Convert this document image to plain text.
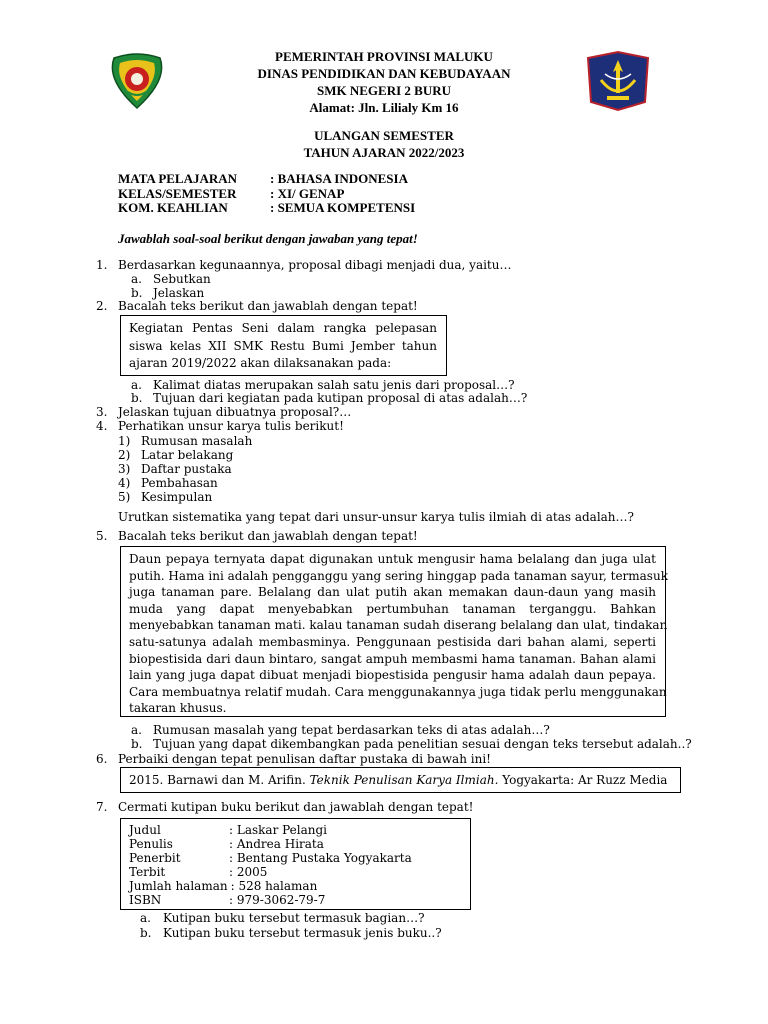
PEMERINTAH PROVINSI MALUKU
DINAS PENDIDIKAN DAN KEBUDAYAAN
SMK NEGERI 2 BURU
Alamat: Jln. Lilialy Km 16
ULANGAN SEMESTER
TAHUN AJARAN 2022/2023
MATA PELAJARAN	: BAHASA INDONESIA
KELAS/SEMESTER	: XI/ GENAP
KOM. KEAHLIAN	: SEMUA KOMPETENSI
Jawablah soal-soal berikut dengan jawaban yang tepat!
1. Berdasarkan kegunaannya, proposal dibagi menjadi dua, yaitu…
a. Sebutkan
b. Jelaskan
2. Bacalah teks berikut dan jawablah dengan tepat!
Kegiatan Pentas Seni dalam rangka pelepasan
siswa kelas XII SMK Restu Bumi Jember tahun
ajaran 2019/2022 akan dilaksanakan pada:
a. Kalimat diatas merupakan salah satu jenis dari proposal…?
b. Tujuan dari kegiatan pada kutipan proposal di atas adalah…?
3. Jelaskan tujuan dibuatnya proposal?…
4. Perhatikan unsur karya tulis berikut!
1) Rumusan masalah
2) Latar belakang
3) Daftar pustaka
4) Pembahasan
5) Kesimpulan
Urutkan sistematika yang tepat dari unsur-unsur karya tulis ilmiah di atas adalah…?
5. Bacalah teks berikut dan jawablah dengan tepat!
Daun pepaya ternyata dapat digunakan untuk mengusir hama belalang dan juga ulat
putih. Hama ini adalah pengganggu yang sering hinggap pada tanaman sayur, termasuk
juga tanaman pare. Belalang dan ulat putih akan memakan daun-daun yang masih
muda yang dapat menyebabkan pertumbuhan tanaman terganggu. Bahkan
menyebabkan tanaman mati. kalau tanaman sudah diserang belalang dan ulat, tindakan
satu-satunya adalah membasminya. Penggunaan pestisida dari bahan alami, seperti
biopestisida dari daun bintaro, sangat ampuh membasmi hama tanaman. Bahan alami
lain yang juga dapat dibuat menjadi biopestisida pengusir hama adalah daun pepaya.
Cara membuatnya relatif mudah. Cara menggunakannya juga tidak perlu menggunakan
takaran khusus.
a. Rumusan masalah yang tepat berdasarkan teks di atas adalah…?
b. Tujuan yang dapat dikembangkan pada penelitian sesuai dengan teks tersebut adalah..?
6. Perbaiki dengan tepat penulisan daftar pustaka di bawah ini!
2015. Barnawi dan M. Arifin. Teknik Penulisan Karya Ilmiah. Yogyakarta: Ar Ruzz Media
7. Cermati kutipan buku berikut dan jawablah dengan tepat!
Judul	: Laskar Pelangi
Penulis	: Andrea Hirata
Penerbit	: Bentang Pustaka Yogyakarta
Terbit	: 2005
Jumlah halaman : 528 halaman
ISBN	: 979-3062-79-7
a. Kutipan buku tersebut termasuk bagian…?
b. Kutipan buku tersebut termasuk jenis buku..?
